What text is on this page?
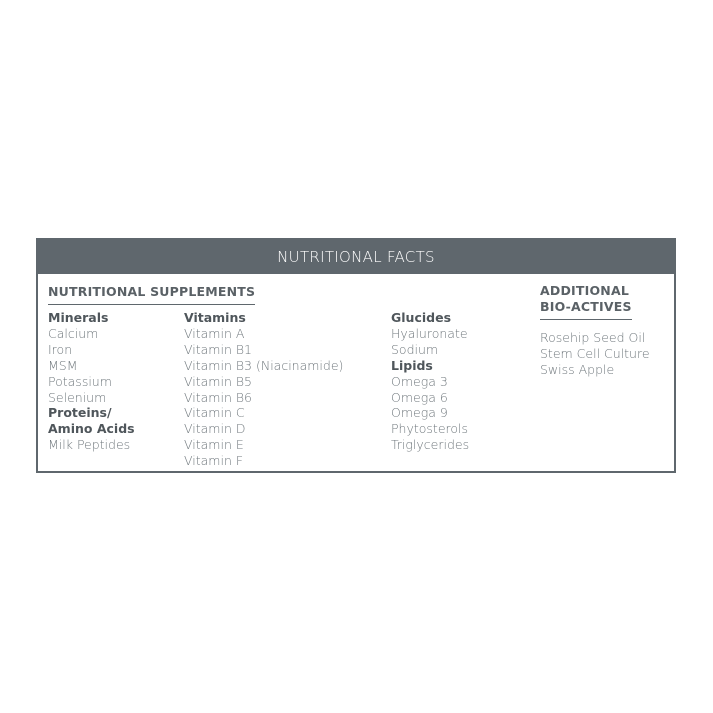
NUTRITIONAL FACTS
NUTRITIONAL SUPPLEMENTS	ADDITIONAL
BIO-ACTIVES
Minerals
Calcium
Iron
MSM
Potassium
Selenium
Proteins/
Amino Acids
Milk Peptides
Vitamins
Vitamin A
Vitamin B1
Vitamin B3 (Niacinamide)
Vitamin B5
Vitamin B6
Vitamin C
Vitamin D
Vitamin E
Vitamin F
Glucides
Hyaluronate
Sodium
Lipids
Omega 3
Omega 6
Omega 9
Phytosterols
Triglycerides
Rosehip Seed Oil
Stem Cell Culture
Swiss Apple
